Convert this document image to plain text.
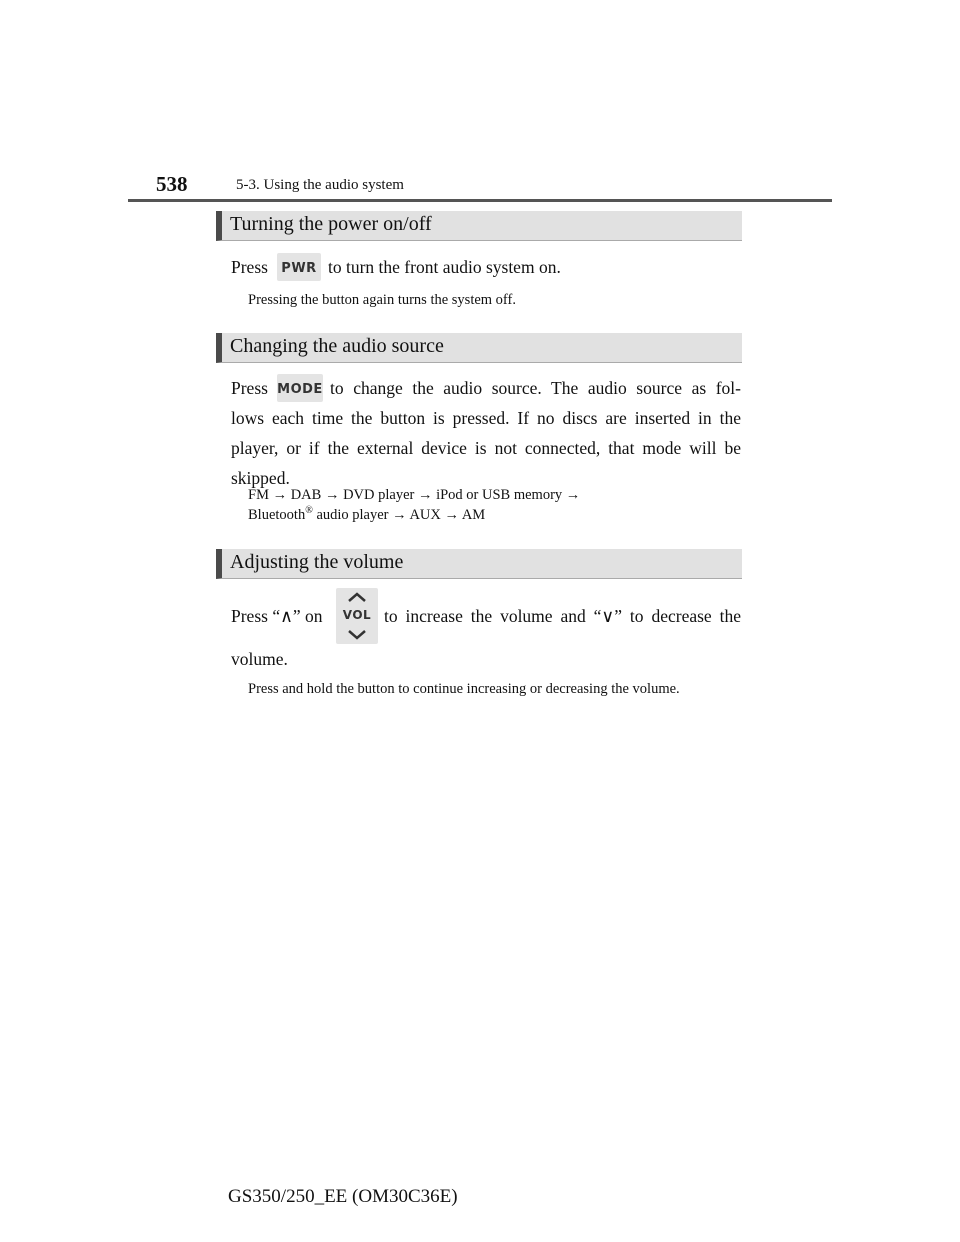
538	5-3. Using the audio system
Turning the power on/off
Press	PWR to turn the front audio system on.
Pressing the button again turns the system off.
Changing the audio source
Press MODE to change the audio source. The audio source as fol-
lows each time the button is pressed. If no discs are inserted in the
player, or if the external device is not connected, that mode will be
skipped.
FM → DAB → DVD player → iPod or USB memory →
Bluetooth® audio player → AUX → AM
Adjusting the volume
Press “∧” on	VOL to increase the volume and “∨” to decrease the
volume.
Press and hold the button to continue increasing or decreasing the volume.
GS350/250_EE (OM30C36E)
